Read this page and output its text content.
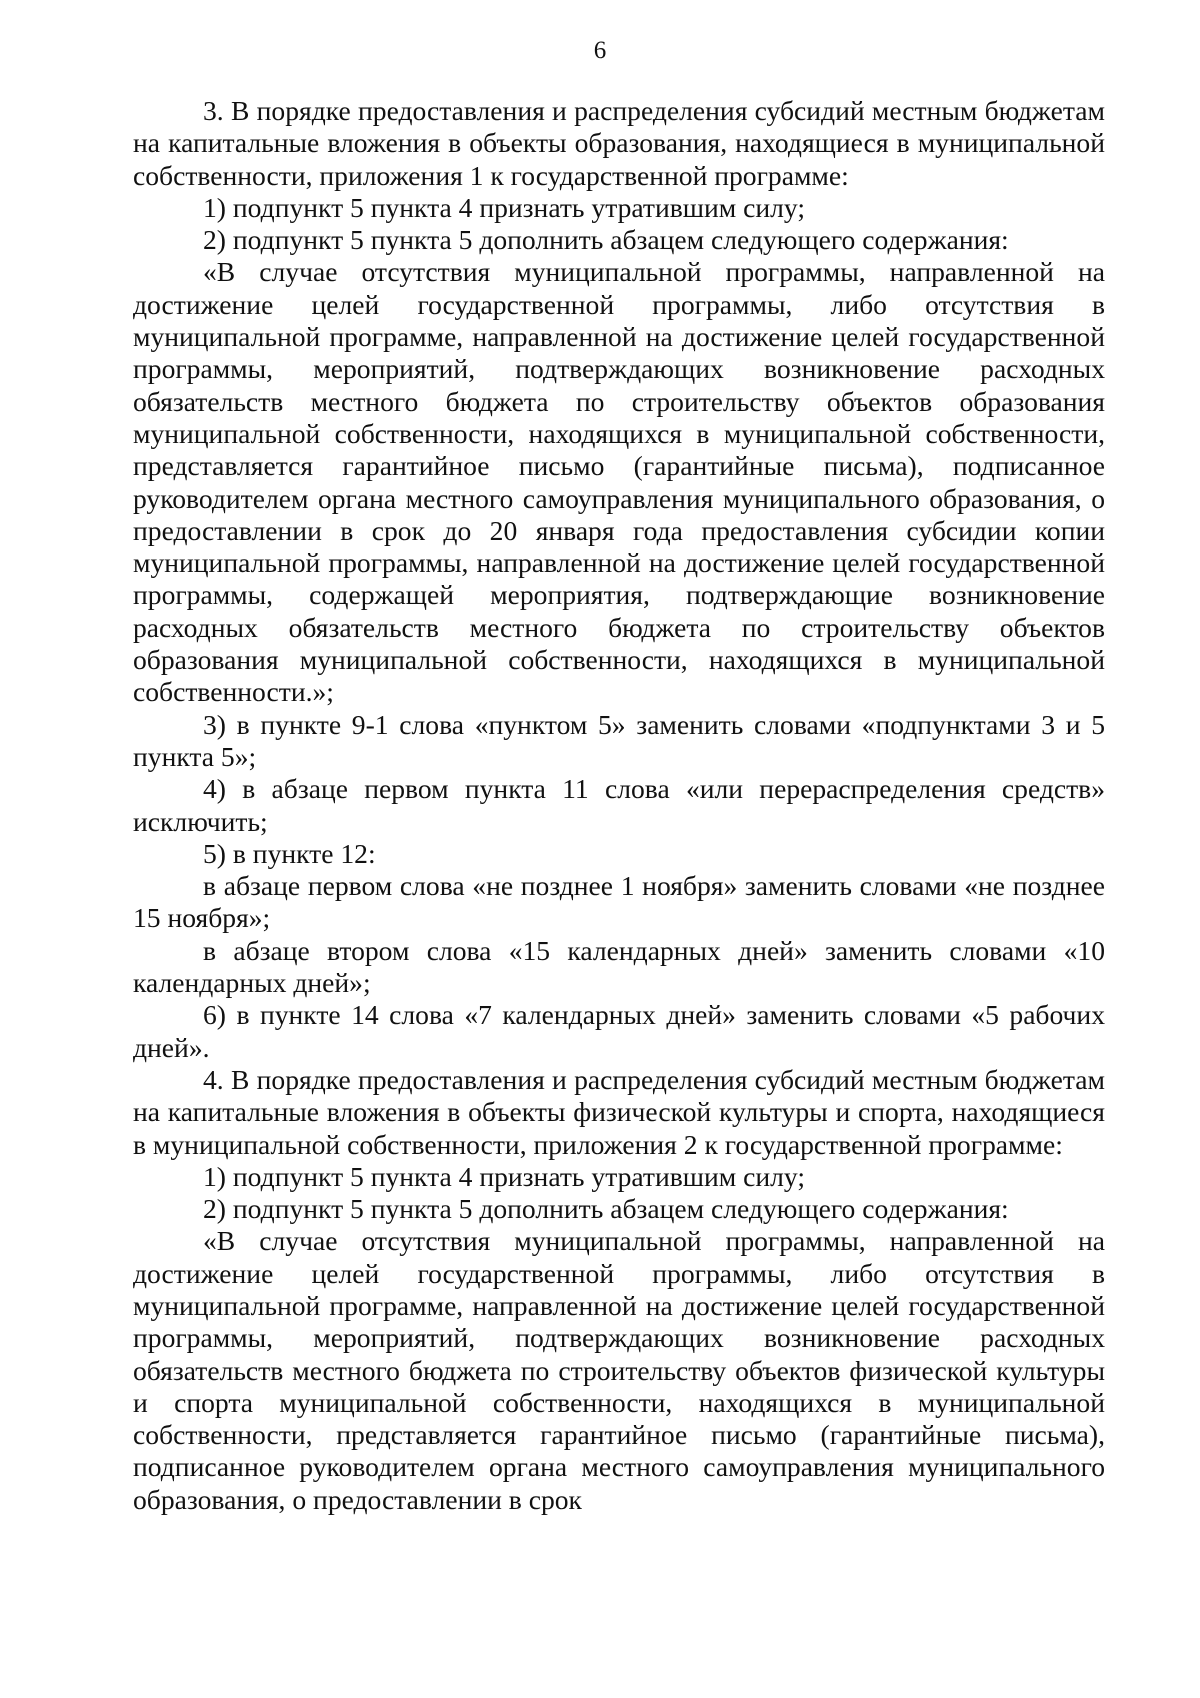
6

3. В порядке предоставления и распределения субсидий местным бюджетам на капитальные вложения в объекты образования, находящиеся в муниципальной собственности, приложения 1 к государственной программе:

1) подпункт 5 пункта 4 признать утратившим силу;

2) подпункт 5 пункта 5 дополнить абзацем следующего содержания:

«В случае отсутствия муниципальной программы, направленной на достижение целей государственной программы, либо отсутствия в муниципальной программе, направленной на достижение целей государственной программы, мероприятий, подтверждающих возникновение расходных обязательств местного бюджета по строительству объектов образования муниципальной собственности, находящихся в муниципальной собственности, представляется гарантийное письмо (гарантийные письма), подписанное руководителем органа местного самоуправления муниципального образования, о предоставлении в срок до 20 января года предоставления субсидии копии муниципальной программы, направленной на достижение целей государственной программы, содержащей мероприятия, подтверждающие возникновение расходных обязательств местного бюджета по строительству объектов образования муниципальной собственности, находящихся в муниципальной собственности.»;

3) в пункте 9-1 слова «пунктом 5» заменить словами «подпунктами 3 и 5 пункта 5»;

4) в абзаце первом пункта 11 слова «или перераспределения средств» исключить;

5) в пункте 12:

в абзаце первом слова «не позднее 1 ноября» заменить словами «не позднее 15 ноября»;

в абзаце втором слова «15 календарных дней» заменить словами «10 календарных дней»;

6) в пункте 14 слова «7 календарных дней» заменить словами «5 рабочих дней».

4. В порядке предоставления и распределения субсидий местным бюджетам на капитальные вложения в объекты физической культуры и спорта, находящиеся в муниципальной собственности, приложения 2 к государственной программе:

1) подпункт 5 пункта 4 признать утратившим силу;

2) подпункт 5 пункта 5 дополнить абзацем следующего содержания:

«В случае отсутствия муниципальной программы, направленной на достижение целей государственной программы, либо отсутствия в муниципальной программе, направленной на достижение целей государственной программы, мероприятий, подтверждающих возникновение расходных обязательств местного бюджета по строительству объектов физической культуры и спорта муниципальной собственности, находящихся в муниципальной собственности, представляется гарантийное письмо (гарантийные письма), подписанное руководителем органа местного самоуправления муниципального образования, о предоставлении в срок
